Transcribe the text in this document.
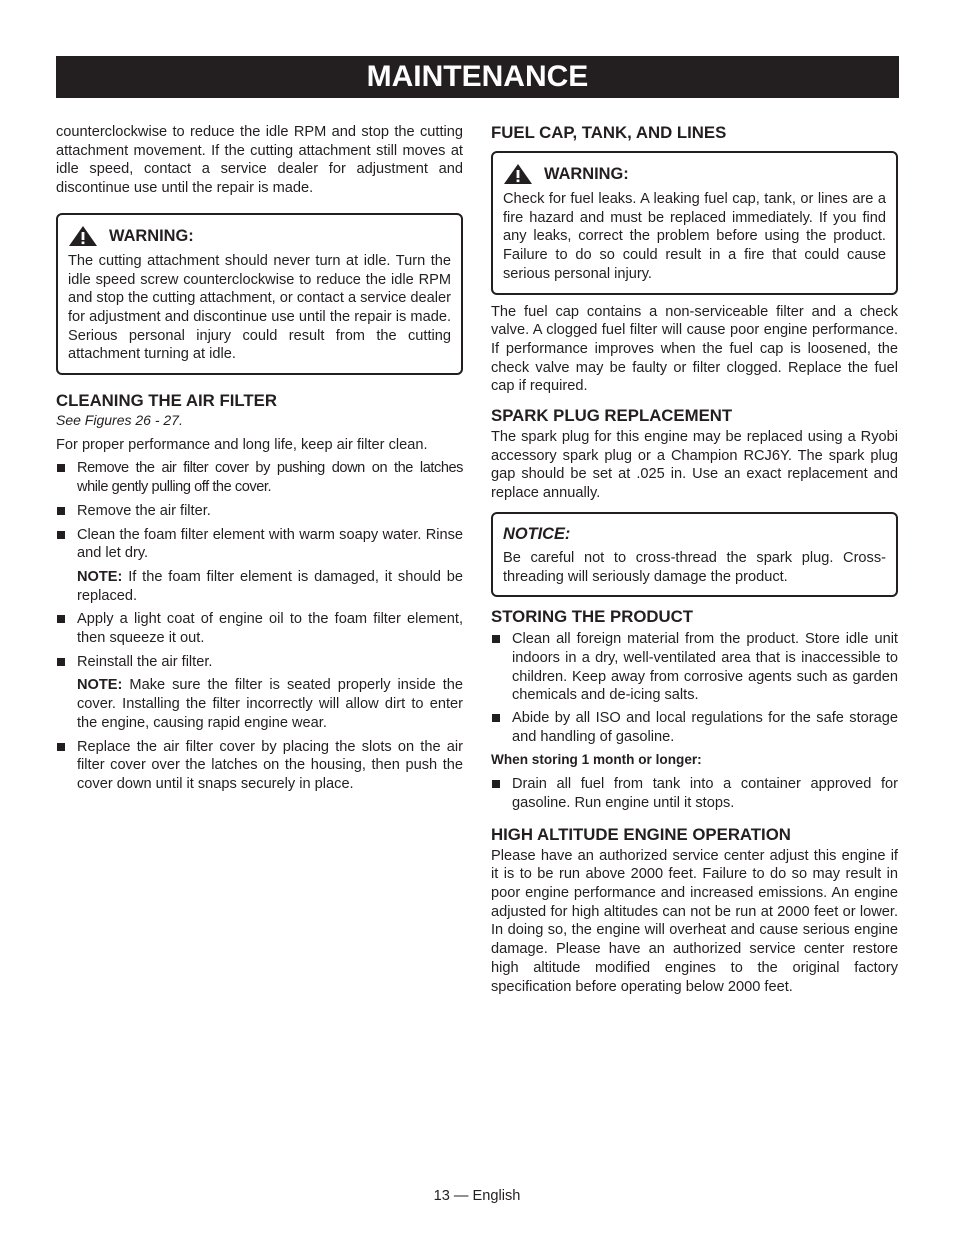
MAINTENANCE

counterclockwise to reduce the idle RPM and stop the cutting attachment movement. If the cutting attachment still moves at idle speed, contact a service dealer for adjustment and discontinue use until the repair is made.

WARNING:

The cutting attachment should never turn at idle. Turn the idle speed screw counterclockwise to reduce the idle RPM and stop the cutting attachment, or contact a service dealer for adjustment and discontinue use until the repair is made. Serious personal injury could result from the cutting attachment turning at idle.

CLEANING THE AIR FILTER
See Figures 26 - 27.

For proper performance and long life, keep air filter clean.

Remove the air filter cover by pushing down on the latches while gently pulling off the cover.
Remove the air filter.
Clean the foam filter element with warm soapy water. Rinse and let dry.

NOTE: If the foam filter element is damaged, it should be replaced.

Apply a light coat of engine oil to the foam filter element, then squeeze it out.
Reinstall the air filter.

NOTE: Make sure the filter is seated properly inside the cover. Installing the filter incorrectly will allow dirt to enter the engine, causing rapid engine wear.

Replace the air filter cover by placing the slots on the air filter cover over the latches on the housing, then push the cover down until it snaps securely in place.
FUEL CAP, TANK, AND LINES
WARNING:

Check for fuel leaks. A leaking fuel cap, tank, or lines are a fire hazard and must be replaced immediately. If you find any leaks, correct the problem before using the product. Failure to do so could result in a fire that could cause serious personal injury.

The fuel cap contains a non-serviceable filter and a check valve. A clogged fuel filter will cause poor engine performance. If performance improves when the fuel cap is loosened, the check valve may be faulty or filter clogged. Replace the fuel cap if required.

SPARK PLUG REPLACEMENT

The spark plug for this engine may be replaced using a Ryobi accessory spark plug or a Champion RCJ6Y. The spark plug gap should be set at .025 in. Use an exact replacement and replace annually.

NOTICE:

Be careful not to cross-thread the spark plug. Cross-threading will seriously damage the product.

STORING THE PRODUCT
Clean all foreign material from the product. Store idle unit indoors in a dry, well-ventilated area that is inaccessible to children. Keep away from corrosive agents such as garden chemicals and de-icing salts.
Abide by all ISO and local regulations for the safe storage and handling of gasoline.
When storing 1 month or longer:
Drain all fuel from tank into a container approved for gasoline. Run engine until it stops.
HIGH ALTITUDE ENGINE OPERATION

Please have an authorized service center adjust this engine if it is to be run above 2000 feet. Failure to do so may result in poor engine performance and increased emissions. An engine adjusted for high altitudes can not be run at 2000 feet or lower. In doing so, the engine will overheat and cause serious engine damage. Please have an authorized service center restore high altitude modified engines to the original factory specification before operating below 2000 feet.

13 — English
